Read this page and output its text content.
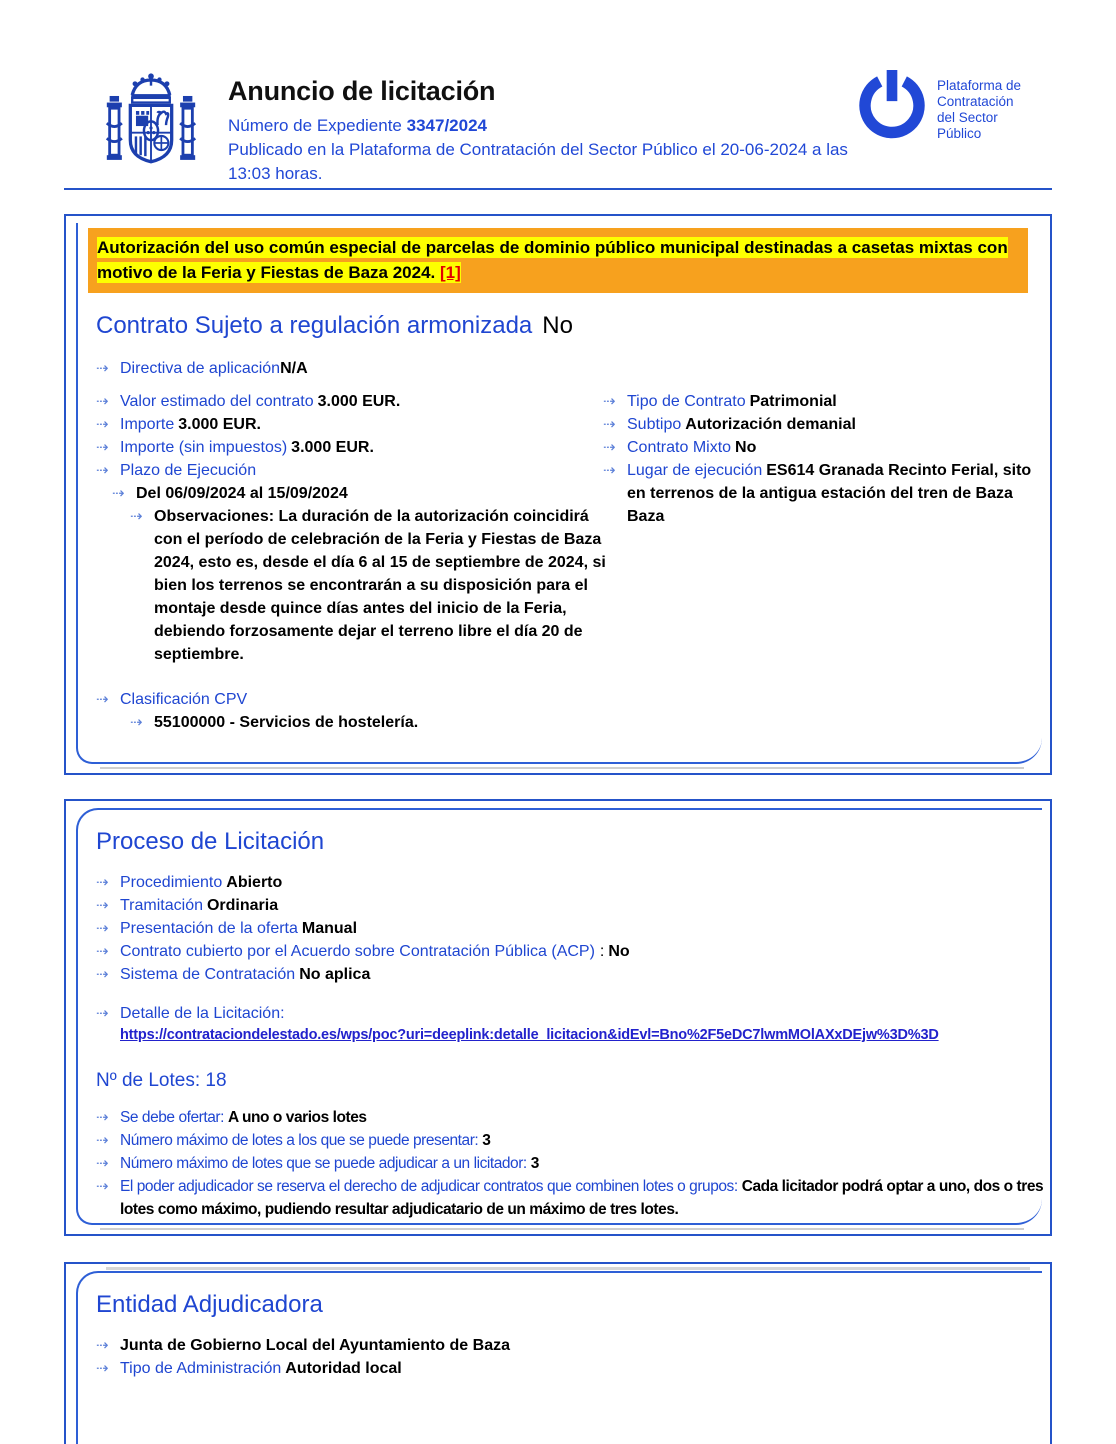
Anuncio de licitación
Número de Expediente 3347/2024
Publicado en la Plataforma de Contratación del Sector Público el 20-06-2024 a las 13:03 horas.
Plataforma de Contratación del Sector Público
Autorización del uso común especial de parcelas de dominio público municipal destinadas a casetas mixtas con motivo de la Feria y Fiestas de Baza 2024. [1]
Contrato Sujeto a regulación armonizada No
⇢ Directiva de aplicaciónN/A
⇢ Valor estimado del contrato 3.000 EUR.
⇢ Importe 3.000 EUR.
⇢ Importe (sin impuestos) 3.000 EUR.
⇢ Plazo de Ejecución
⇢ Del 06/09/2024 al 15/09/2024
⇢ Observaciones: La duración de la autorización coincidirá con el período de celebración de la Feria y Fiestas de Baza 2024, esto es, desde el día 6 al 15 de septiembre de 2024, si bien los terrenos se encontrarán a su disposición para el montaje desde quince días antes del inicio de la Feria, debiendo forzosamente dejar el terreno libre el día 20 de septiembre.
⇢ Clasificación CPV
⇢ 55100000 - Servicios de hostelería.
⇢ Tipo de Contrato Patrimonial
⇢ Subtipo Autorización demanial
⇢ Contrato Mixto No
⇢ Lugar de ejecución ES614 Granada Recinto Ferial, sito en terrenos de la antigua estación del tren de Baza Baza
Proceso de Licitación
⇢ Procedimiento Abierto
⇢ Tramitación Ordinaria
⇢ Presentación de la oferta Manual
⇢ Contrato cubierto por el Acuerdo sobre Contratación Pública (ACP) : No
⇢ Sistema de Contratación No aplica
⇢ Detalle de la Licitación:
https://contrataciondelestado.es/wps/poc?uri=deeplink:detalle_licitacion&idEvl=Bno%2F5eDC7lwmMOlAXxDEjw%3D%3D
Nº de Lotes: 18
⇢ Se debe ofertar: A uno o varios lotes
⇢ Número máximo de lotes a los que se puede presentar: 3
⇢ Número máximo de lotes que se puede adjudicar a un licitador: 3
⇢ El poder adjudicador se reserva el derecho de adjudicar contratos que combinen lotes o grupos: Cada licitador podrá optar a uno, dos o tres lotes como máximo, pudiendo resultar adjudicatario de un máximo de tres lotes.
Entidad Adjudicadora
⇢ Junta de Gobierno Local del Ayuntamiento de Baza
⇢ Tipo de Administración Autoridad local
